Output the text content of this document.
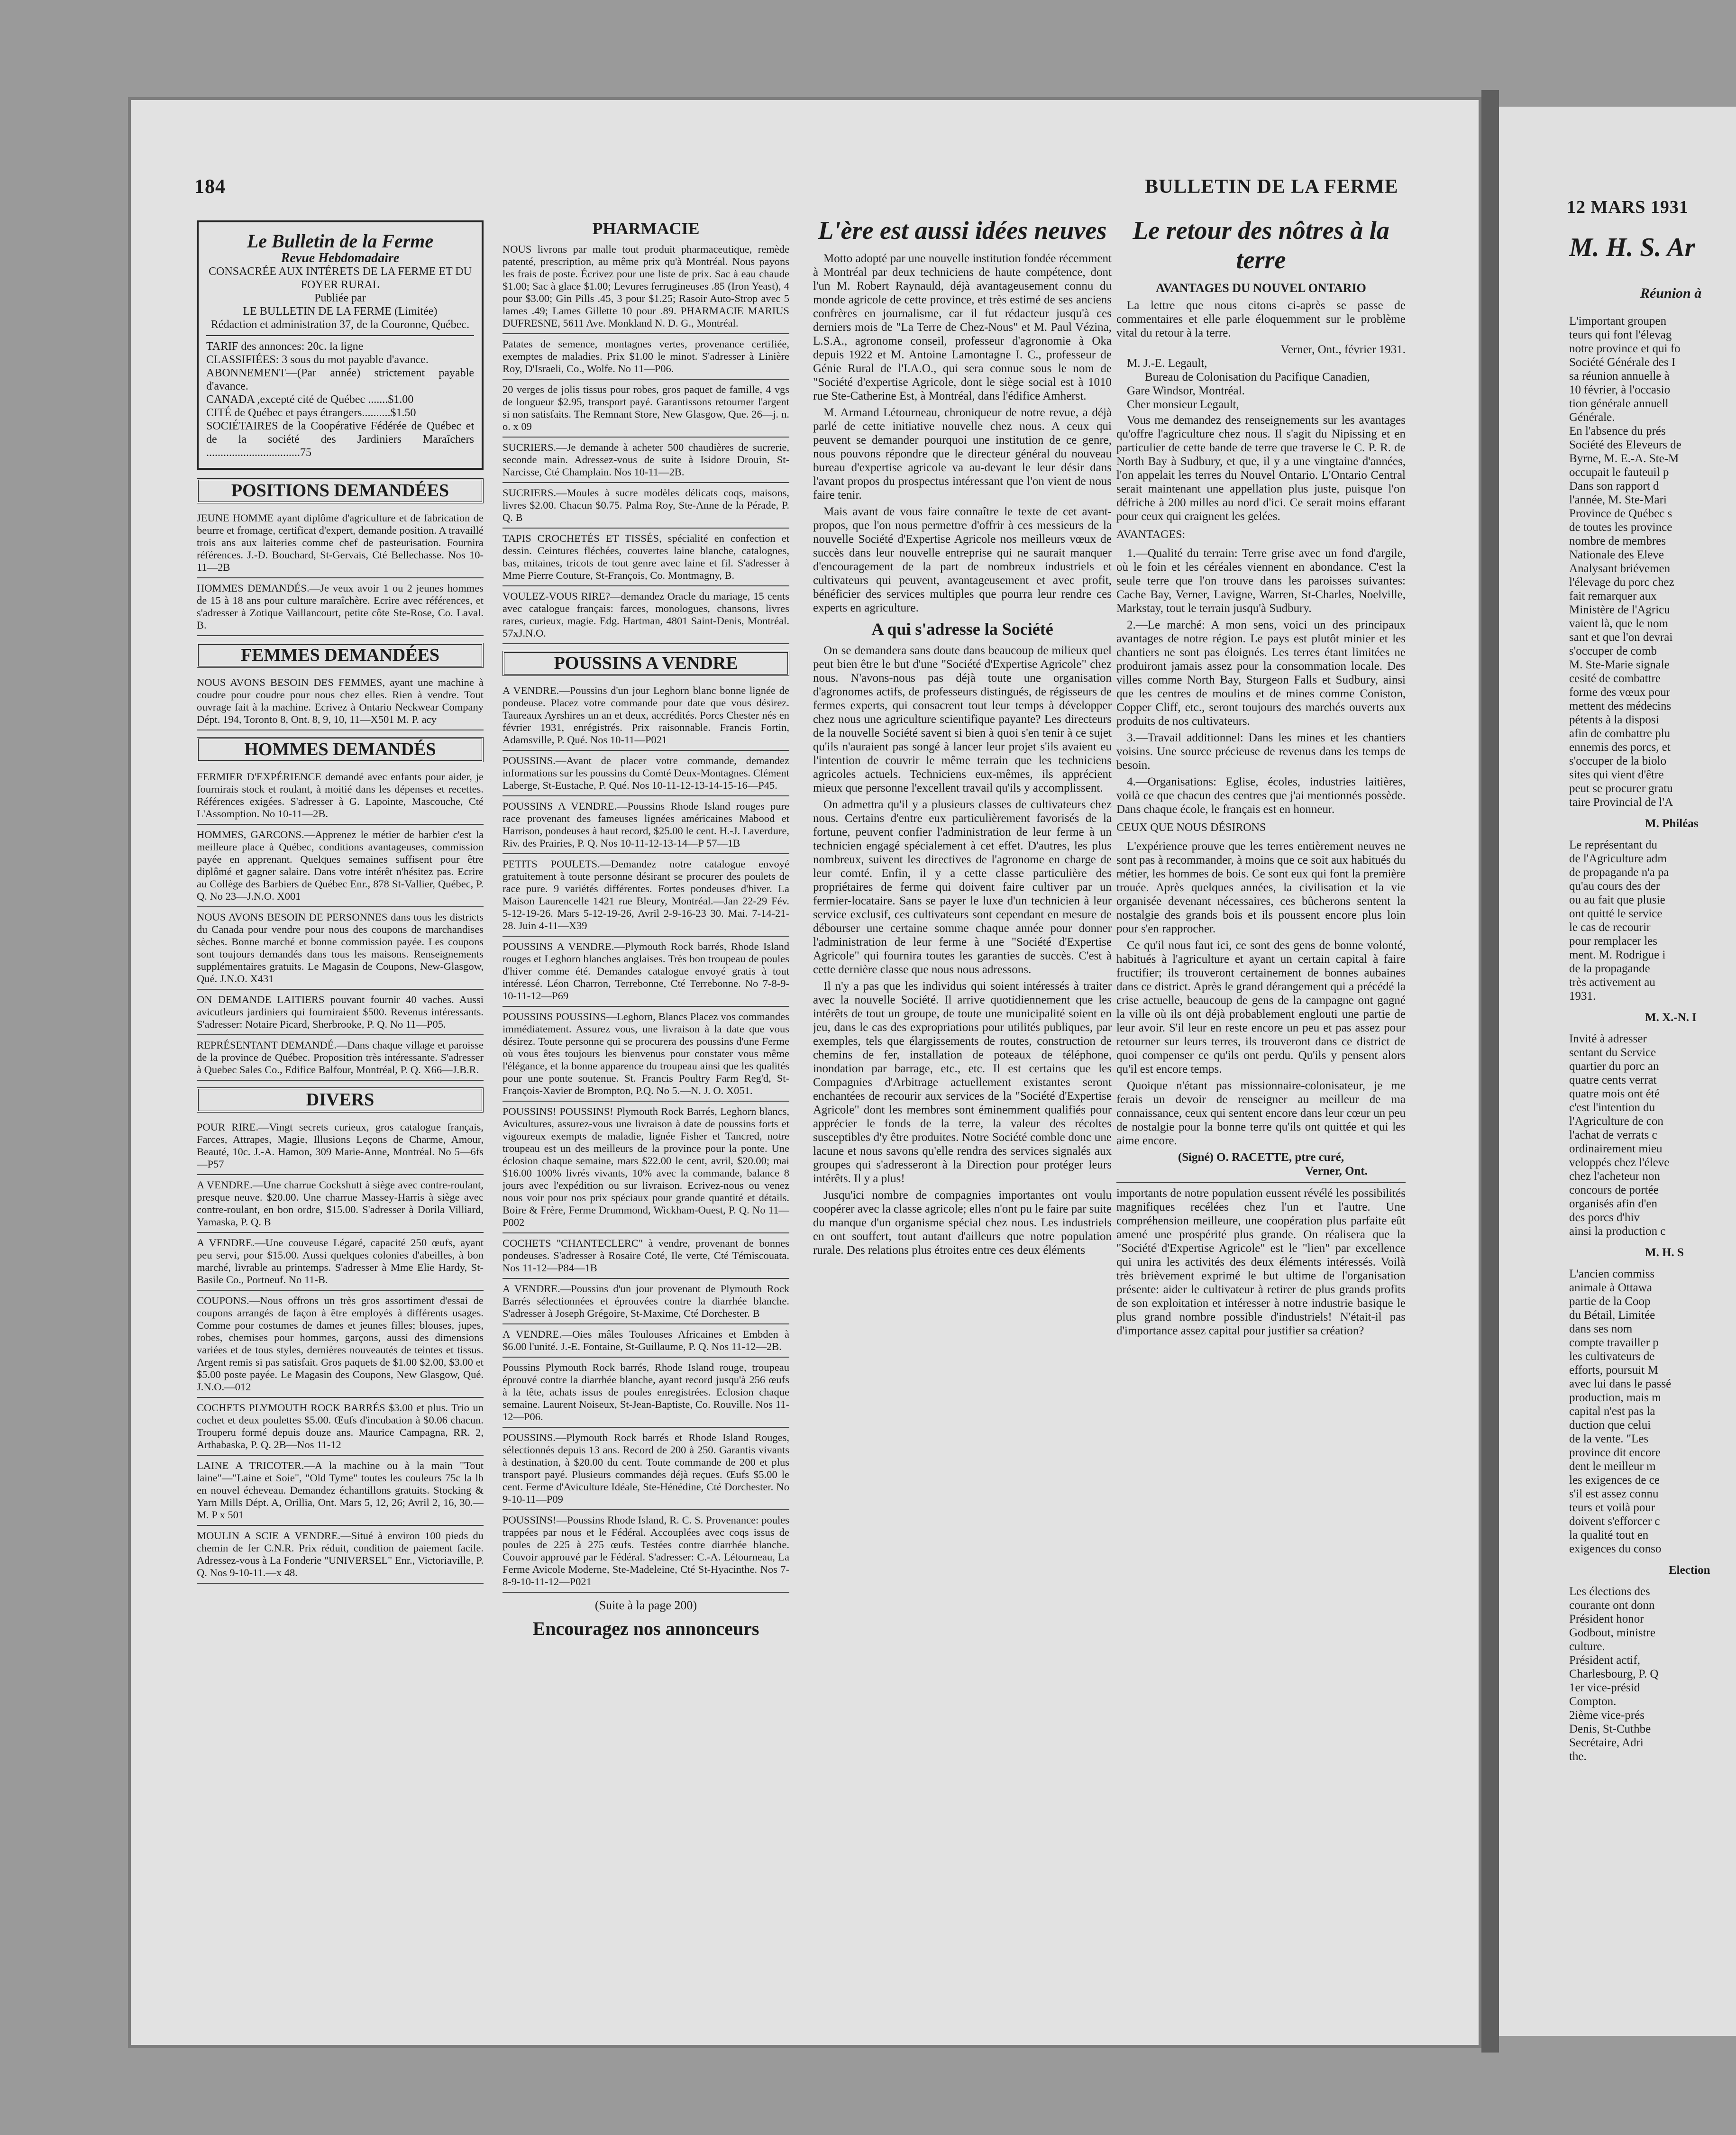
184	BULLETIN DE LA FERME
12 MARS 1931
Le Bulletin de la Ferme
Revue Hebdomadaire
CONSACRÉE AUX INTÉRETS DE LA FERME ET DU FOYER RURAL
Publiée par
LE BULLETIN DE LA FERME (Limitée)
Rédaction et administration 37, de la Couronne, Québec.
TARIF des annonces: 20c. la ligne
CLASSIFIÉES: 3 sous du mot payable d'avance.
ABONNEMENT—(Par année) strictement payable d'avance.
CANADA ,excepté cité de Québec .......$1.00
CITÉ de Québec et pays étrangers..........$1.50
SOCIÉTAIRES de la Coopérative Fédérée de Québec et de la société des Jardiniers Maraîchers .................................75
POSITIONS DEMANDÉES
JEUNE HOMME ayant diplôme d'agriculture et de fabrication de beurre et fromage, certificat d'expert, demande position. A travaillé trois ans aux laiteries comme chef de pasteurisation. Fournira références. J.-D. Bouchard, St-Gervais, Cté Bellechasse. Nos 10-11—2B
HOMMES DEMANDÉS.—Je veux avoir 1 ou 2 jeunes hommes de 15 à 18 ans pour culture maraîchère. Ecrire avec références, et s'adresser à Zotique Vaillancourt, petite côte Ste-Rose, Co. Laval. B.
FEMMES DEMANDÉES
NOUS AVONS BESOIN DES FEMMES, ayant une machine à coudre pour coudre pour nous chez elles. Rien à vendre. Tout ouvrage fait à la machine. Ecrivez à Ontario Neckwear Company Dépt. 194, Toronto 8, Ont. 8, 9, 10, 11—X501 M. P. acy
HOMMES DEMANDÉS
FERMIER D'EXPÉRIENCE demandé avec enfants pour aider, je fournirais stock et roulant, à moitié dans les dépenses et recettes. Références exigées. S'adresser à G. Lapointe, Mascouche, Cté L'Assomption. No 10-11—2B.
HOMMES, GARCONS.—Apprenez le métier de barbier c'est la meilleure place à Québec, conditions avantageuses, commission payée en apprenant. Quelques semaines suffisent pour être diplômé et gagner salaire. Dans votre intérêt n'hésitez pas. Ecrire au Collège des Barbiers de Québec Enr., 878 St-Vallier, Québec, P. Q. No 23—J.N.O. X001
NOUS AVONS BESOIN DE PERSONNES dans tous les districts du Canada pour vendre pour nous des coupons de marchandises sèches. Bonne marché et bonne commission payée. Les coupons sont toujours demandés dans tous les maisons. Renseignements supplémentaires gratuits. Le Magasin de Coupons, New-Glasgow, Qué. J.N.O. X431
ON DEMANDE LAITIERS pouvant fournir 40 vaches. Aussi avicutleurs jardiniers qui fourniraient $500. Revenus intéressants. S'adresser: Notaire Picard, Sherbrooke, P. Q. No 11—P05.
REPRÉSENTANT DEMANDÉ.—Dans chaque village et paroisse de la province de Québec. Proposition très intéressante. S'adresser à Quebec Sales Co., Edifice Balfour, Montréal, P. Q. X66—J.B.R.
DIVERS
POUR RIRE.—Vingt secrets curieux, gros catalogue français, Farces, Attrapes, Magie, Illusions Leçons de Charme, Amour, Beauté, 10c. J.-A. Hamon, 309 Marie-Anne, Montréal. No 5—6fs—P57
A VENDRE.—Une charrue Cockshutt à siège avec contre-roulant, presque neuve. $20.00. Une charrue Massey-Harris à siège avec contre-roulant, en bon ordre, $15.00. S'adresser à Dorila Villiard, Yamaska, P. Q. B
A VENDRE.—Une couveuse Légaré, capacité 250 œufs, ayant peu servi, pour $15.00. Aussi quelques colonies d'abeilles, à bon marché, livrable au printemps. S'adresser à Mme Elie Hardy, St-Basile Co., Portneuf. No 11-B.
COUPONS.—Nous offrons un très gros assortiment d'essai de coupons arrangés de façon à être employés à différents usages. Comme pour costumes de dames et jeunes filles; blouses, jupes, robes, chemises pour hommes, garçons, aussi des dimensions variées et de tous styles, dernières nouveautés de teintes et tissus. Argent remis si pas satisfait. Gros paquets de $1.00 $2.00, $3.00 et $5.00 poste payée. Le Magasin des Coupons, New Glasgow, Qué. J.N.O.—012
COCHETS PLYMOUTH ROCK BARRÉS $3.00 et plus. Trio un cochet et deux poulettes $5.00. Œufs d'incubation à $0.06 chacun. Trouperu formé depuis douze ans. Maurice Campagna, RR. 2, Arthabaska, P. Q. 2B—Nos 11-12
LAINE A TRICOTER.—A la machine ou à la main "Tout laine"—"Laine et Soie", "Old Tyme" toutes les couleurs 75c la lb en nouvel écheveau. Demandez échantillons gratuits. Stocking & Yarn Mills Dépt. A, Orillia, Ont. Mars 5, 12, 26; Avril 2, 16, 30.—M. P x 501
MOULIN A SCIE A VENDRE.—Situé à environ 100 pieds du chemin de fer C.N.R. Prix réduit, condition de paiement facile. Adressez-vous à La Fonderie "UNIVERSEL" Enr., Victoriaville, P. Q. Nos 9-10-11.—x 48.
PHARMACIE
NOUS livrons par malle tout produit pharmaceutique, remède patenté, prescription, au même prix qu'à Montréal. Nous payons les frais de poste. Écrivez pour une liste de prix. Sac à eau chaude $1.00; Sac à glace $1.00; Levures ferrugineuses .85 (Iron Yeast), 4 pour $3.00; Gin Pills .45, 3 pour $1.25; Rasoir Auto-Strop avec 5 lames .49; Lames Gillette 10 pour .89. PHARMACIE MARIUS DUFRESNE, 5611 Ave. Monkland N. D. G., Montréal.
Patates de semence, montagnes vertes, provenance certifiée, exemptes de maladies. Prix $1.00 le minot. S'adresser à Linière Roy, D'Israeli, Co., Wolfe. No 11—P06.
20 verges de jolis tissus pour robes, gros paquet de famille, 4 vgs de longueur $2.95, transport payé. Garantissons retourner l'argent si non satisfaits. The Remnant Store, New Glasgow, Que. 26—j. n. o. x 09
SUCRIERS.—Je demande à acheter 500 chaudières de sucrerie, seconde main. Adressez-vous de suite à Isidore Drouin, St-Narcisse, Cté Champlain. Nos 10-11—2B.
SUCRIERS.—Moules à sucre modèles délicats coqs, maisons, livres $2.00. Chacun $0.75. Palma Roy, Ste-Anne de la Pérade, P. Q. B
TAPIS CROCHETÉS ET TISSÉS, spécialité en confection et dessin. Ceintures fléchées, couvertes laine blanche, catalognes, bas, mitaines, tricots de tout genre avec laine et fil. S'adresser à Mme Pierre Couture, St-François, Co. Montmagny, B.
VOULEZ-VOUS RIRE?—demandez Oracle du mariage, 15 cents avec catalogue français: farces, monologues, chansons, livres rares, curieux, magie. Edg. Hartman, 4801 Saint-Denis, Montréal. 57xJ.N.O.
POUSSINS A VENDRE
A VENDRE.—Poussins d'un jour Leghorn blanc bonne lignée de pondeuse. Placez votre commande pour date que vous désirez. Taureaux Ayrshires un an et deux, accrédités. Porcs Chester nés en février 1931, enrégistrés. Prix raisonnable. Francis Fortin, Adamsville, P. Qué. Nos 10-11—P021
POUSSINS.—Avant de placer votre commande, demandez informations sur les poussins du Comté Deux-Montagnes. Clément Laberge, St-Eustache, P. Qué. Nos 10-11-12-13-14-15-16—P45.
POUSSINS A VENDRE.—Poussins Rhode Island rouges pure race provenant des fameuses lignées américaines Mabood et Harrison, pondeuses à haut record, $25.00 le cent. H.-J. Laverdure, Riv. des Prairies, P. Q. Nos 10-11-12-13-14—P 57—1B
PETITS POULETS.—Demandez notre catalogue envoyé gratuitement à toute personne désirant se procurer des poulets de race pure. 9 variétés différentes. Fortes pondeuses d'hiver. La Maison Laurencelle 1421 rue Bleury, Montréal.—Jan 22-29 Fév. 5-12-19-26. Mars 5-12-19-26, Avril 2-9-16-23 30. Mai. 7-14-21-28. Juin 4-11—X39
POUSSINS A VENDRE.—Plymouth Rock barrés, Rhode Island rouges et Leghorn blanches anglaises. Très bon troupeau de poules d'hiver comme été. Demandes catalogue envoyé gratis à tout intéressé. Léon Charron, Terrebonne, Cté Terrebonne. No 7-8-9-10-11-12—P69
POUSSINS POUSSINS—Leghorn, Blancs Placez vos commandes immédiatement. Assurez vous, une livraison à la date que vous désirez. Toute personne qui se procurera des poussins d'une Ferme où vous êtes toujours les bienvenus pour constater vous même l'élégance, et la bonne apparence du troupeau ainsi que les qualités pour une ponte soutenue. St. Francis Poultry Farm Reg'd, St-François-Xavier de Brompton, P.Q. No 5.—N. J. O. X051.
POUSSINS! POUSSINS! Plymouth Rock Barrés, Leghorn blancs, Avicultures, assurez-vous une livraison à date de poussins forts et vigoureux exempts de maladie, lignée Fisher et Tancred, notre troupeau est un des meilleurs de la province pour la ponte. Une éclosion chaque semaine, mars $22.00 le cent, avril, $20.00; mai $16.00 100% livrés vivants, 10% avec la commande, balance 8 jours avec l'expédition ou sur livraison. Ecrivez-nous ou venez nous voir pour nos prix spéciaux pour grande quantité et détails. Boire & Frère, Ferme Drummond, Wickham-Ouest, P. Q. No 11—P002
COCHETS "CHANTECLERC" à vendre, provenant de bonnes pondeuses. S'adresser à Rosaire Coté, Ile verte, Cté Témiscouata. Nos 11-12—P84—1B
A VENDRE.—Poussins d'un jour provenant de Plymouth Rock Barrés sélectionnées et éprouvées contre la diarrhée blanche. S'adresser à Joseph Grégoire, St-Maxime, Cté Dorchester. B
A VENDRE.—Oies mâles Toulouses Africaines et Embden à $6.00 l'unité. J.-E. Fontaine, St-Guillaume, P. Q. Nos 11-12—2B.
Poussins Plymouth Rock barrés, Rhode Island rouge, troupeau éprouvé contre la diarrhée blanche, ayant record jusqu'à 256 œufs à la tête, achats issus de poules enregistrées. Eclosion chaque semaine. Laurent Noiseux, St-Jean-Baptiste, Co. Rouville. Nos 11-12—P06.
POUSSINS.—Plymouth Rock barrés et Rhode Island Rouges, sélectionnés depuis 13 ans. Record de 200 à 250. Garantis vivants à destination, à $20.00 du cent. Toute commande de 200 et plus transport payé. Plusieurs commandes déjà reçues. Œufs $5.00 le cent. Ferme d'Aviculture Idéale, Ste-Hénédine, Cté Dorchester. No 9-10-11—P09
POUSSINS!—Poussins Rhode Island, R. C. S. Provenance: poules trappées par nous et le Fédéral. Accouplées avec coqs issus de poules de 225 à 275 œufs. Testées contre diarrhée blanche. Couvoir approuvé par le Fédéral. S'adresser: C.-A. Létourneau, La Ferme Avicole Moderne, Ste-Madeleine, Cté St-Hyacinthe. Nos 7-8-9-10-11-12—P021
(Suite à la page 200)
Encouragez nos annonceurs
L'ère est aussi idées neuves

Motto adopté par une nouvelle institution fondée récemment à Montréal par deux techniciens de haute compétence, dont l'un M. Robert Raynauld, déjà avantageusement connu du monde agricole de cette province, et très estimé de ses anciens confrères en journalisme, car il fut rédacteur jusqu'à ces derniers mois de "La Terre de Chez-Nous" et M. Paul Vézina, L.S.A., agronome conseil, professeur d'agronomie à Oka depuis 1922 et M. Antoine Lamontagne I. C., professeur de Génie Rural de l'I.A.O., qui sera connue sous le nom de "Société d'expertise Agricole, dont le siège social est à 1010 rue Ste-Catherine Est, à Montréal, dans l'édifice Amherst.

M. Armand Létourneau, chroniqueur de notre revue, a déjà parlé de cette initiative nouvelle chez nous. A ceux qui peuvent se demander pourquoi une institution de ce genre, nous pouvons répondre que le directeur général du nouveau bureau d'expertise agricole va au-devant le leur désir dans l'avant propos du prospectus intéressant que l'on vient de nous faire tenir.

Mais avant de vous faire connaître le texte de cet avant-propos, que l'on nous permettre d'offrir à ces messieurs de la nouvelle Société d'Expertise Agricole nos meilleurs vœux de succès dans leur nouvelle entreprise qui ne saurait manquer d'encouragement de la part de nombreux industriels et cultivateurs qui peuvent, avantageusement et avec profit, bénéficier des services multiples que pourra leur rendre ces experts en agriculture.

A qui s'adresse la Société

On se demandera sans doute dans beaucoup de milieux quel peut bien être le but d'une "Société d'Expertise Agricole" chez nous. N'avons-nous pas déjà toute une organisation d'agronomes actifs, de professeurs distingués, de régisseurs de fermes experts, qui consacrent tout leur temps à développer chez nous une agriculture scientifique payante? Les directeurs de la nouvelle Société savent si bien à quoi s'en tenir à ce sujet qu'ils n'auraient pas songé à lancer leur projet s'ils avaient eu l'intention de couvrir le même terrain que les techniciens agricoles actuels. Techniciens eux-mêmes, ils apprécient mieux que personne l'excellent travail qu'ils y accomplissent.

On admettra qu'il y a plusieurs classes de cultivateurs chez nous. Certains d'entre eux particulièrement favorisés de la fortune, peuvent confier l'administration de leur ferme à un technicien engagé spécialement à cet effet. D'autres, les plus nombreux, suivent les directives de l'agronome en charge de leur comté. Enfin, il y a cette classe particulière des propriétaires de ferme qui doivent faire cultiver par un fermier-locataire. Sans se payer le luxe d'un technicien à leur service exclusif, ces cultivateurs sont cependant en mesure de débourser une certaine somme chaque année pour donner l'administration de leur ferme à une "Société d'Expertise Agricole" qui fournira toutes les garanties de succès. C'est à cette dernière classe que nous nous adressons.

Il n'y a pas que les individus qui soient intéressés à traiter avec la nouvelle Société. Il arrive quotidiennement que les intérêts de tout un groupe, de toute une municipalité soient en jeu, dans le cas des expropriations pour utilités publiques, par exemples, tels que élargissements de routes, construction de chemins de fer, installation de poteaux de téléphone, inondation par barrage, etc., etc. Il est certains que les Compagnies d'Arbitrage actuellement existantes seront enchantées de recourir aux services de la "Société d'Expertise Agricole" dont les membres sont éminemment qualifiés pour apprécier le fonds de la terre, la valeur des récoltes susceptibles d'y être produites. Notre Société comble donc une lacune et nous savons qu'elle rendra des services signalés aux groupes qui s'adresseront à la Direction pour protéger leurs intérêts. Il y a plus!

Jusqu'ici nombre de compagnies importantes ont voulu coopérer avec la classe agricole; elles n'ont pu le faire par suite du manque d'un organisme spécial chez nous. Les industriels en ont souffert, tout autant d'ailleurs que notre population rurale. Des relations plus étroites entre ces deux éléments

Le retour des nôtres à la terre
AVANTAGES DU NOUVEL ONTARIO

La lettre que nous citons ci-après se passe de commentaires et elle parle éloquemment sur le problème vital du retour à la terre.

Verner, Ont., février 1931.
M. J.-E. Legault,
Bureau de Colonisation du Pacifique Canadien,
Gare Windsor, Montréal.
Cher monsieur Legault,

Vous me demandez des renseignements sur les avantages qu'offre l'agriculture chez nous. Il s'agit du Nipissing et en particulier de cette bande de terre que traverse le C. P. R. de North Bay à Sudbury, et que, il y a une vingtaine d'années, l'on appelait les terres du Nouvel Ontario. L'Ontario Central serait maintenant une appellation plus juste, puisque l'on défriche à 200 milles au nord d'ici. Ce serait moins effarant pour ceux qui craignent les gelées.

AVANTAGES:

1.—Qualité du terrain: Terre grise avec un fond d'argile, où le foin et les céréales viennent en abondance. C'est la seule terre que l'on trouve dans les paroisses suivantes: Cache Bay, Verner, Lavigne, Warren, St-Charles, Noelville, Markstay, tout le terrain jusqu'à Sudbury.

2.—Le marché: A mon sens, voici un des principaux avantages de notre région. Le pays est plutôt minier et les chantiers ne sont pas éloignés. Les terres étant limitées ne produiront jamais assez pour la consommation locale. Des villes comme North Bay, Sturgeon Falls et Sudbury, ainsi que les centres de moulins et de mines comme Coniston, Copper Cliff, etc., seront toujours des marchés ouverts aux produits de nos cultivateurs.

3.—Travail additionnel: Dans les mines et les chantiers voisins. Une source précieuse de revenus dans les temps de besoin.

4.—Organisations: Eglise, écoles, industries laitières, voilà ce que chacun des centres que j'ai mentionnés possède. Dans chaque école, le français est en honneur.

CEUX QUE NOUS DÉSIRONS

L'expérience prouve que les terres entièrement neuves ne sont pas à recommander, à moins que ce soit aux habitués du métier, les hommes de bois. Ce sont eux qui font la première trouée. Après quelques années, la civilisation et la vie organisée devenant nécessaires, ces bûcherons sentent la nostalgie des grands bois et ils poussent encore plus loin pour s'en rapprocher.

Ce qu'il nous faut ici, ce sont des gens de bonne volonté, habitués à l'agriculture et ayant un certain capital à faire fructifier; ils trouveront certainement de bonnes aubaines dans ce district. Après le grand dérangement qui a précédé la crise actuelle, beaucoup de gens de la campagne ont gagné la ville où ils ont déjà probablement englouti une partie de leur avoir. S'il leur en reste encore un peu et pas assez pour retourner sur leurs terres, ils trouveront dans ce district de quoi compenser ce qu'ils ont perdu. Qu'ils y pensent alors qu'il est encore temps.

Quoique n'étant pas missionnaire-colonisateur, je me ferais un devoir de renseigner au meilleur de ma connaissance, ceux qui sentent encore dans leur cœur un peu de nostalgie pour la bonne terre qu'ils ont quittée et qui les aime encore.

(Signé) O. RACETTE, ptre curé,
Verner, Ont.

importants de notre population eussent révélé les possibilités magnifiques recélées chez l'un et l'autre. Une compréhension meilleure, une coopération plus parfaite eût amené une prospérité plus grande. On réalisera que la "Société d'Expertise Agricole" est le "lien" par excellence qui unira les activités des deux éléments intéressés. Voilà très brièvement exprimé le but ultime de l'organisation présente: aider le cultivateur à retirer de plus grands profits de son exploitation et intéresser à notre industrie basique le plus grand nombre possible d'industriels! N'était-il pas d'importance assez capital pour justifier sa création?

M. H. S. Ar
Réunion à
L'important groupen
teurs qui font l'élevag
notre province et qui fo
Société Générale des I
sa réunion annuelle à
10 février, à l'occasio
tion générale annuell
Générale.
En l'absence du prés
Société des Eleveurs de
Byrne, M. E.-A. Ste-M
occupait le fauteuil p
Dans son rapport d
l'année, M. Ste-Mari
Province de Québec s
de toutes les province
nombre de membres
Nationale des Eleve
Analysant briévemen
l'élevage du porc chez
fait remarquer aux
Ministère de l'Agricu
vaient là, que le nom
sant et que l'on devrai
s'occuper de comb
M. Ste-Marie signale
cesité de combattre
forme des vœux pour
mettent des médecins
pétents à la disposi
afin de combattre plu
ennemis des porcs, et
s'occuper de la biolo
sites qui vient d'être
peut se procurer gratu
taire Provincial de l'A
M. Philéas
Le représentant du
de l'Agriculture adm
de propagande n'a pa
qu'au cours des der
ou au fait que plusie
ont quitté le service
le cas de recourir
pour remplacer les
ment. M. Rodrigue i
de la propagande
très activement au
1931.
M. X.-N. I
Invité à adresser
sentant du Service
quartier du porc an
quatre cents verrat
quatre mois ont été
c'est l'intention du
l'Agriculture de con
l'achat de verrats c
ordinairement mieu
veloppés chez l'éleve
chez l'acheteur non
concours de portée
organisés afin d'en
des porcs d'hiv
ainsi la production c
M. H. S
L'ancien commiss
animale à Ottawa
partie de la Coop
du Bétail, Limitée
dans ses nom
compte travailler p
les cultivateurs de
efforts, poursuit M
avec lui dans le passé
production, mais m
capital n'est pas la
duction que celui
de la vente. "Les
province dit encore
dent le meilleur m
les exigences de ce
s'il est assez connu
teurs et voilà pour
doivent s'efforcer c
la qualité tout en
exigences du conso
Election
Les élections des
courante ont donn
Président honor
Godbout, ministre
culture.
Président actif,
Charlesbourg, P. Q
1er vice-présid
Compton.
2ième vice-prés
Denis, St-Cuthbe
Secrétaire, Adri
the.
